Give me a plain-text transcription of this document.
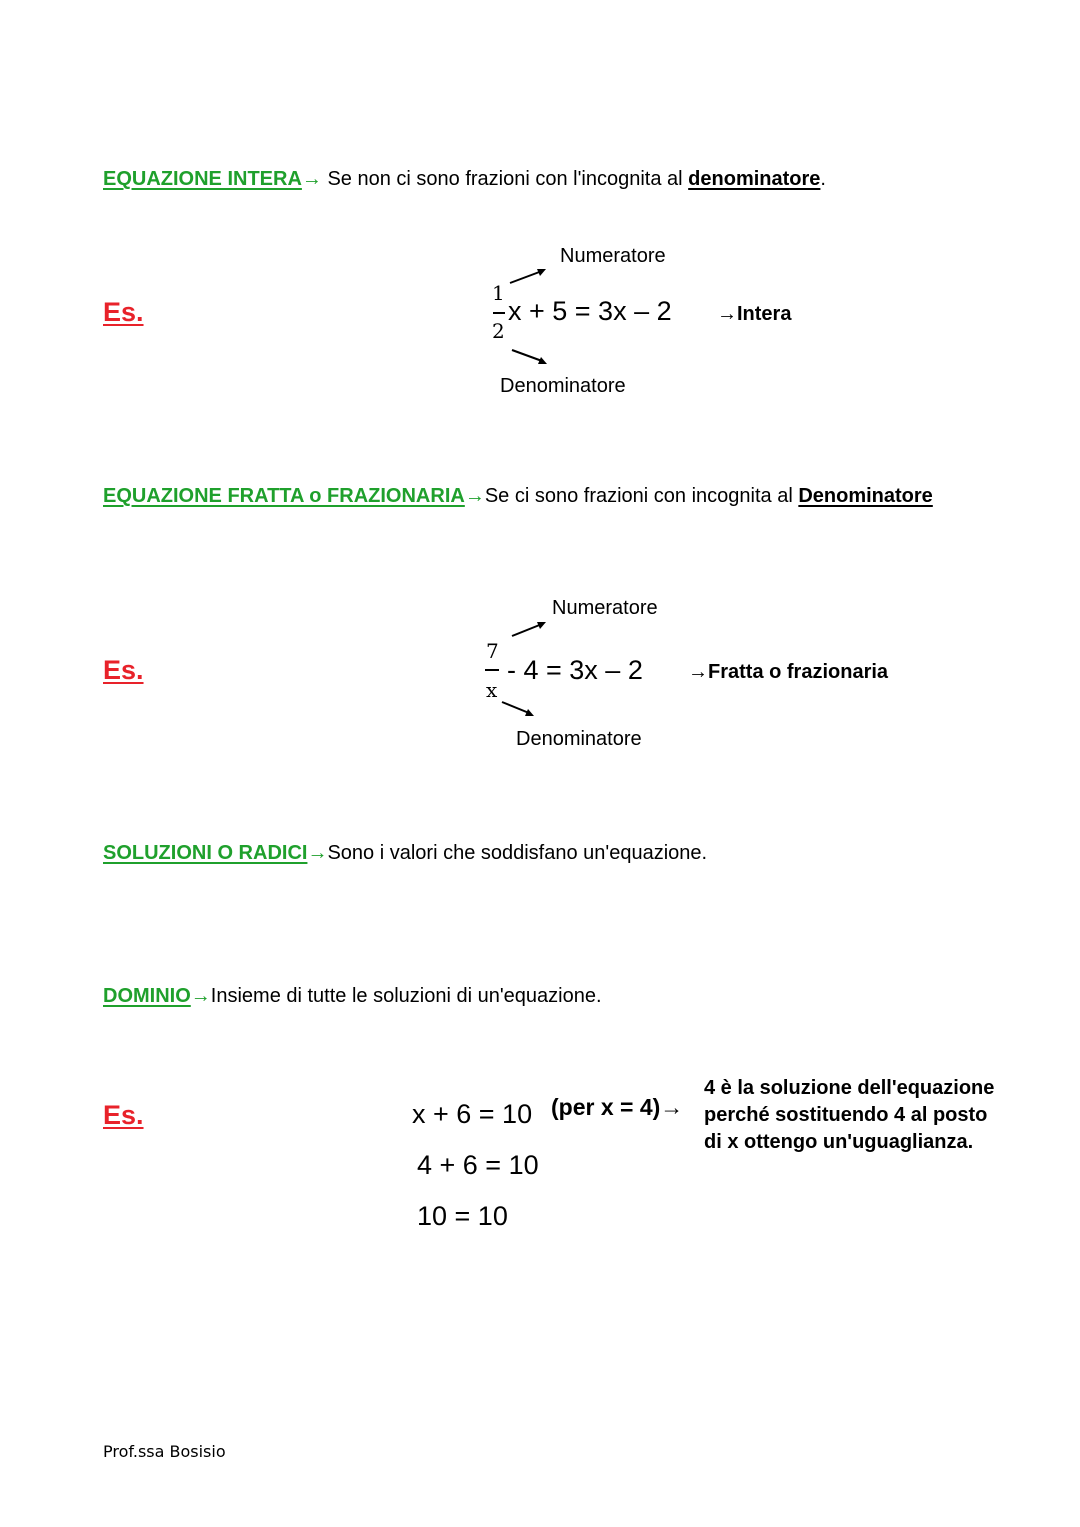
EQUAZIONE INTERA→ Se non ci sono frazioni con l'incognita al denominatore.
Es.
Numeratore
1
2
x + 5 = 3x – 2 →Intera
Denominatore
EQUAZIONE FRATTA o FRAZIONARIA→Se ci sono frazioni con incognita al Denominatore
Es.
Numeratore
7
x
- 4 = 3x – 2 →Fratta o frazionaria
Denominatore
SOLUZIONI O RADICI→Sono i valori che soddisfano un'equazione.
DOMINIO→Insieme di tutte le soluzioni di un'equazione.
Es.	x + 6 = 10 (per x = 4)→
4 è la soluzione dell'equazione perché sostituendo 4 al posto di x ottengo un'uguaglianza.
4 + 6 = 10
10 = 10
Prof.ssa Bosisio
